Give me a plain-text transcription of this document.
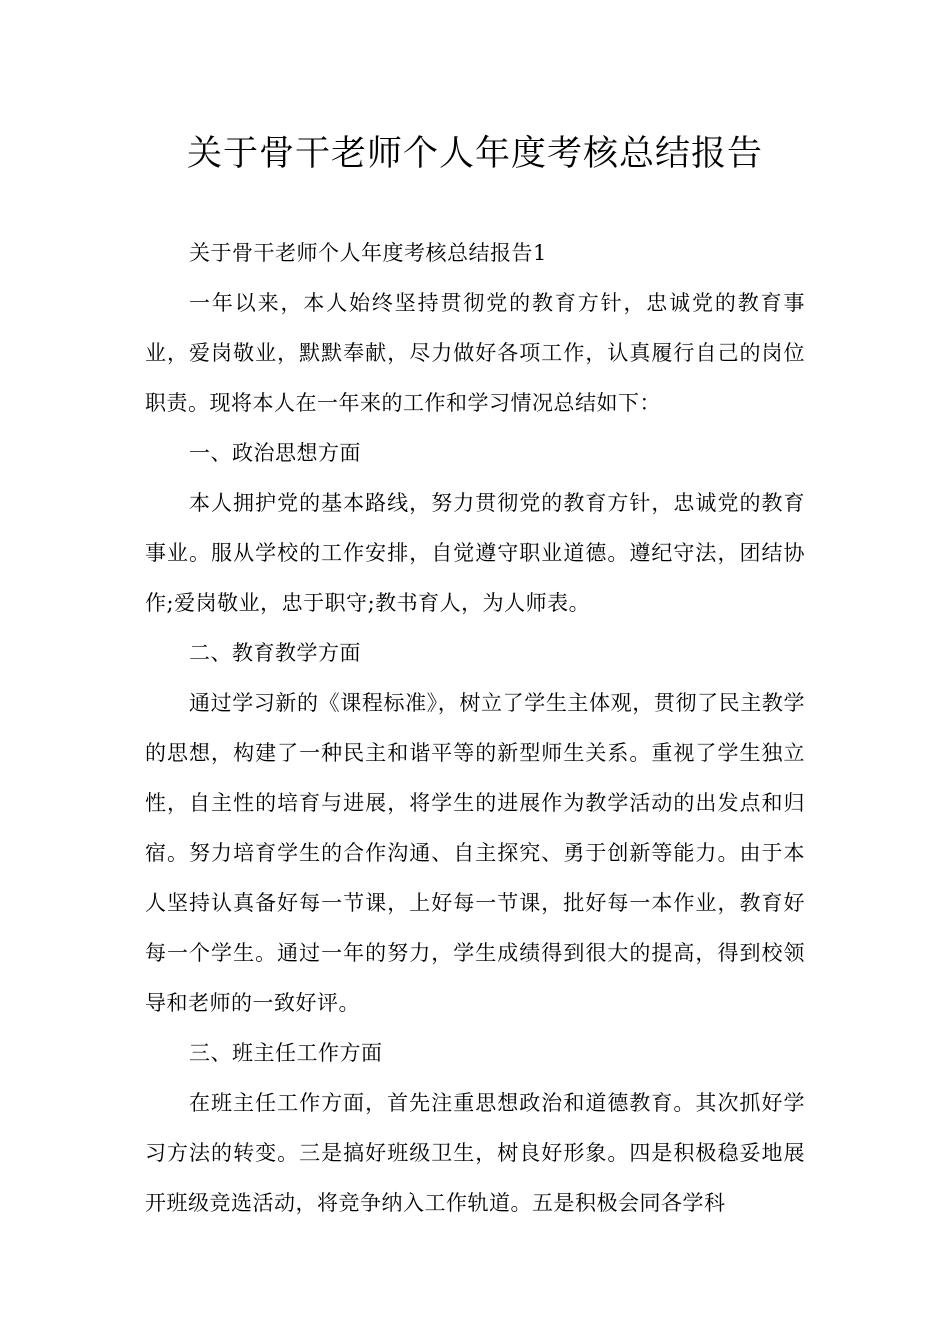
关于骨干老师个人年度考核总结报告

关于骨干老师个人年度考核总结报告1

一年以来，本人始终坚持贯彻党的教育方针，忠诚党的教育事业，爱岗敬业，默默奉献，尽力做好各项工作，认真履行自己的岗位职责。现将本人在一年来的工作和学习情况总结如下：

一、政治思想方面

本人拥护党的基本路线，努力贯彻党的教育方针，忠诚党的教育事业。服从学校的工作安排，自觉遵守职业道德。遵纪守法，团结协作;爱岗敬业，忠于职守;教书育人，为人师表。

二、教育教学方面

通过学习新的《课程标准》，树立了学生主体观，贯彻了民主教学的思想，构建了一种民主和谐平等的新型师生关系。重视了学生独立性，自主性的培育与进展，将学生的进展作为教学活动的出发点和归宿。努力培育学生的合作沟通、自主探究、勇于创新等能力。由于本人坚持认真备好每一节课，上好每一节课，批好每一本作业，教育好每一个学生。通过一年的努力，学生成绩得到很大的提高，得到校领导和老师的一致好评。

三、班主任工作方面

在班主任工作方面，首先注重思想政治和道德教育。其次抓好学习方法的转变。三是搞好班级卫生，树良好形象。四是积极稳妥地展开班级竞选活动，将竞争纳入工作轨道。五是积极会同各学科
